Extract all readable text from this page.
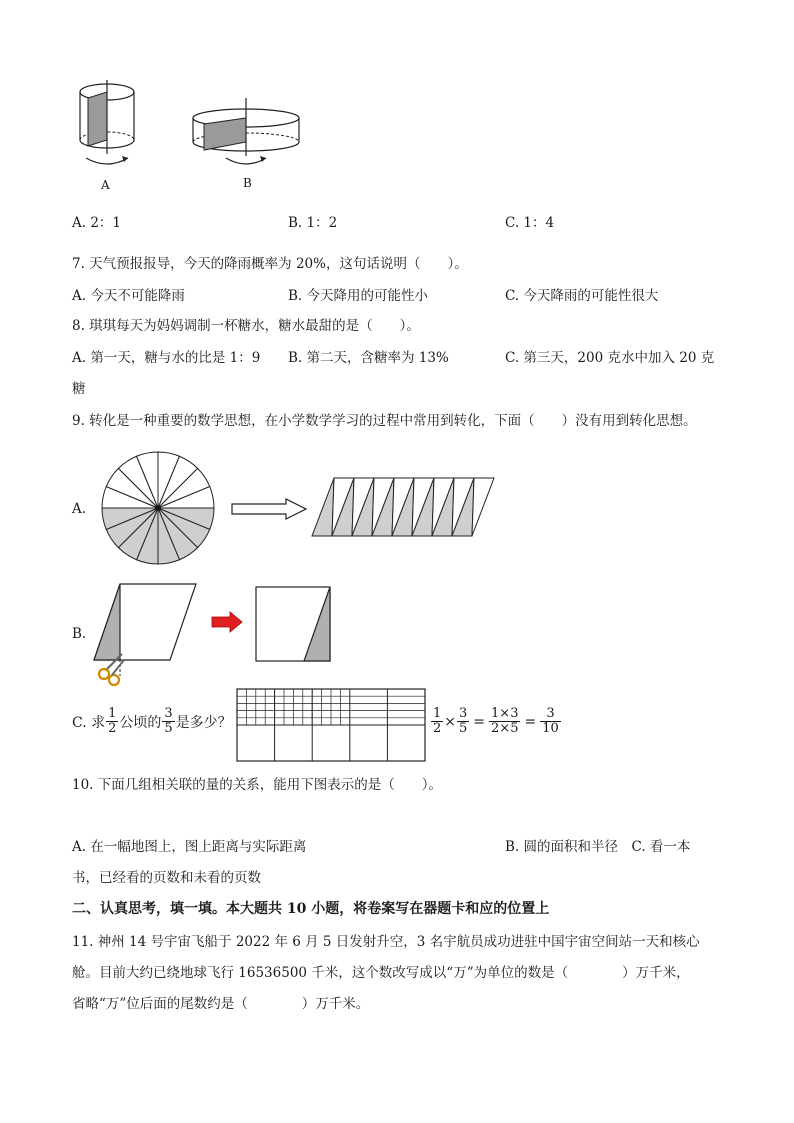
A	B
A. 2：1	B. 1：2	C. 1：4
7. 天气预报报导，今天的降雨概率为 20%，这句话说明（　　）。
A. 今天不可能降雨	B. 今天降用的可能性小	C. 今天降雨的可能性很大
8. 琪琪每天为妈妈调制一杯糖水，糖水最甜的是（　　）。
A. 第一天，糖与水的比是 1：9 B. 第二天，含糖率为 13%	C. 第三天，200 克水中加入 20 克
糖
9. 转化是一种重要的数学思想，在小学数学学习的过程中常用到转化，下面（　　）没有用到转化思想。
A.
B.
C. 求 $\frac{1}{2}$ 公顷的 $\frac{3}{5}$ 是多少？	$\frac{1}{2} \times \frac{3}{5} = \frac{1\times 3}{2\times 5} = \frac{3}{10}$
10. 下面几组相关联的量的关系，能用下图表示的是（　　）。
A. 在一幅地图上，图上距离与实际距离	B. 圆的面积和半径　C. 看一本
书，已经看的页数和未看的页数
二、认真思考，填一填。本大题共 10 小题，将卷案写在器题卡和应的位置上
11. 神州 14 号宇宙飞船于 2022 年 6 月 5 日发射升空，3 名宇航员成功进驻中国宇宙空间站一天和核心
舱。目前大约已绕地球飞行 16536500 千米，这个数改写成以“万”为单位的数是（　　　　）万千米，
省略“万”位后面的尾数约是（　　　　）万千米。
